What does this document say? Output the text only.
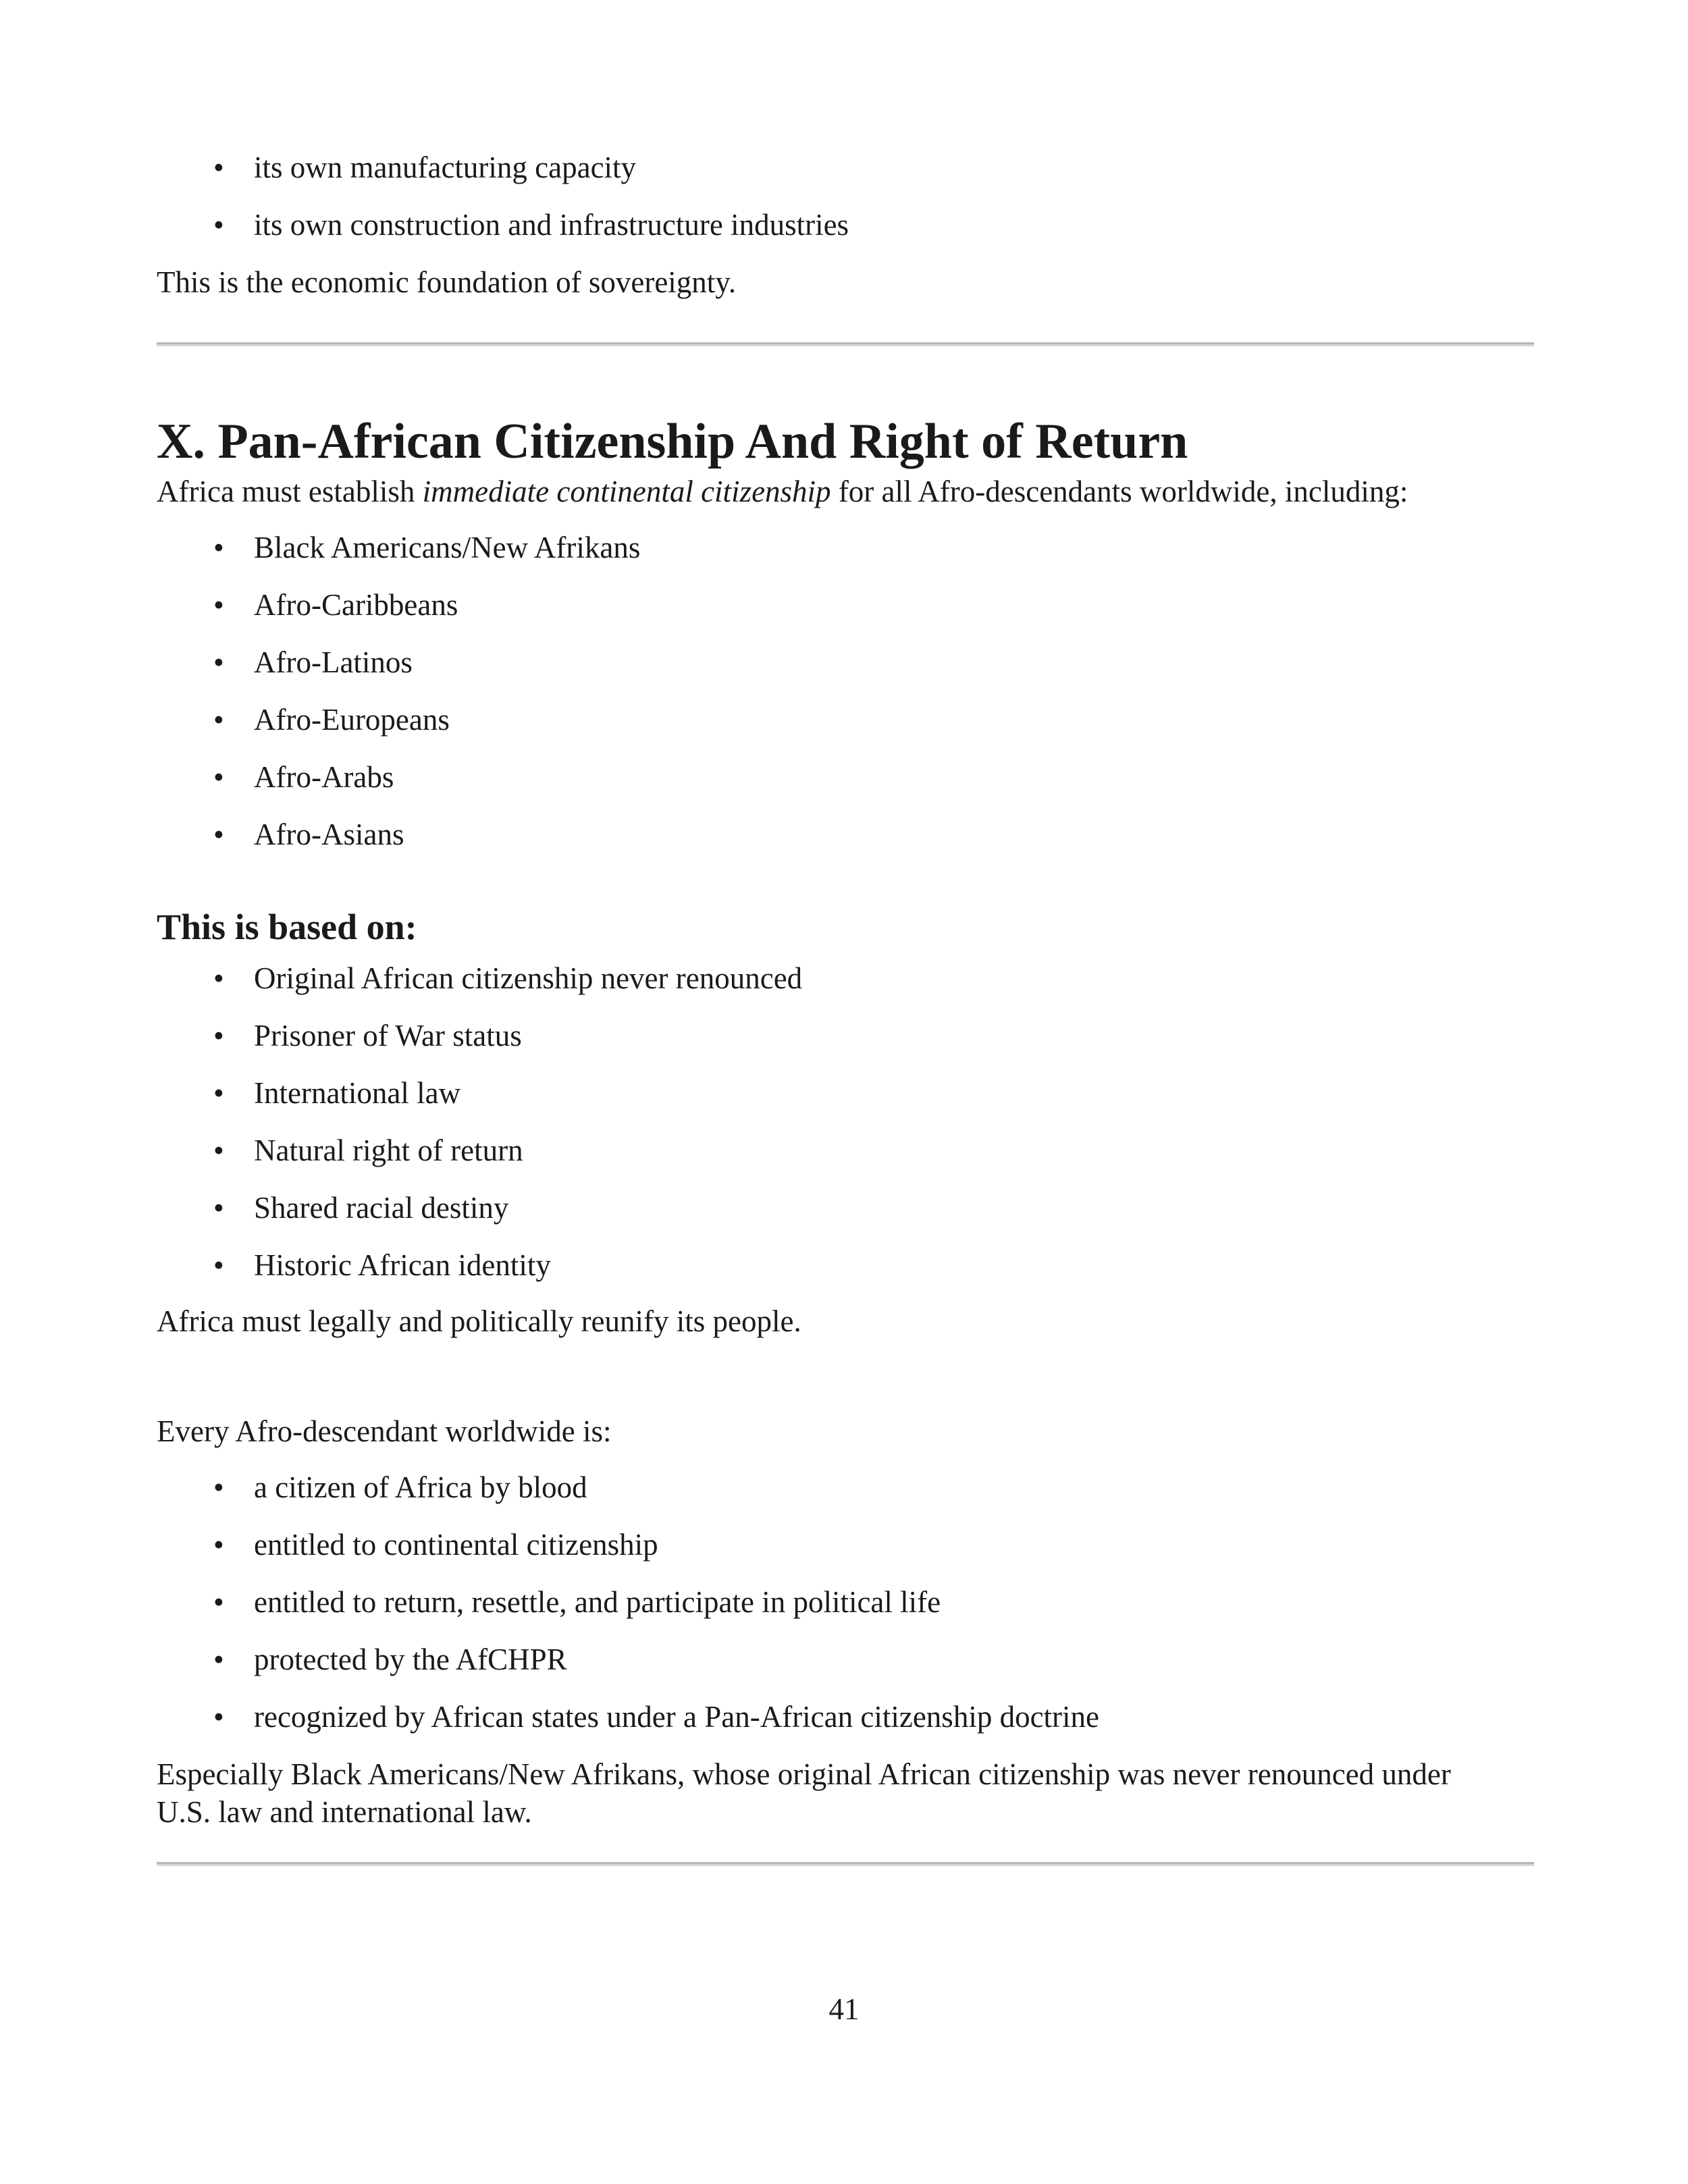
• its own manufacturing capacity
• its own construction and infrastructure industries

This is the economic foundation of sovereignty.

X. Pan-African Citizenship And Right of Return

Africa must establish immediate continental citizenship for all Afro-descendants worldwide, including:

• Black Americans/New Afrikans
• Afro-Caribbeans
• Afro-Latinos
• Afro-Europeans
• Afro-Arabs
• Afro-Asians
This is based on:
• Original African citizenship never renounced
• Prisoner of War status
• International law
• Natural right of return
• Shared racial destiny
• Historic African identity

Africa must legally and politically reunify its people.

Every Afro-descendant worldwide is:

• a citizen of Africa by blood
• entitled to continental citizenship
• entitled to return, resettle, and participate in political life
• protected by the AfCHPR
• recognized by African states under a Pan-African citizenship doctrine

Especially Black Americans/New Afrikans, whose original African citizenship was never renounced under U.S. law and international law.

41
